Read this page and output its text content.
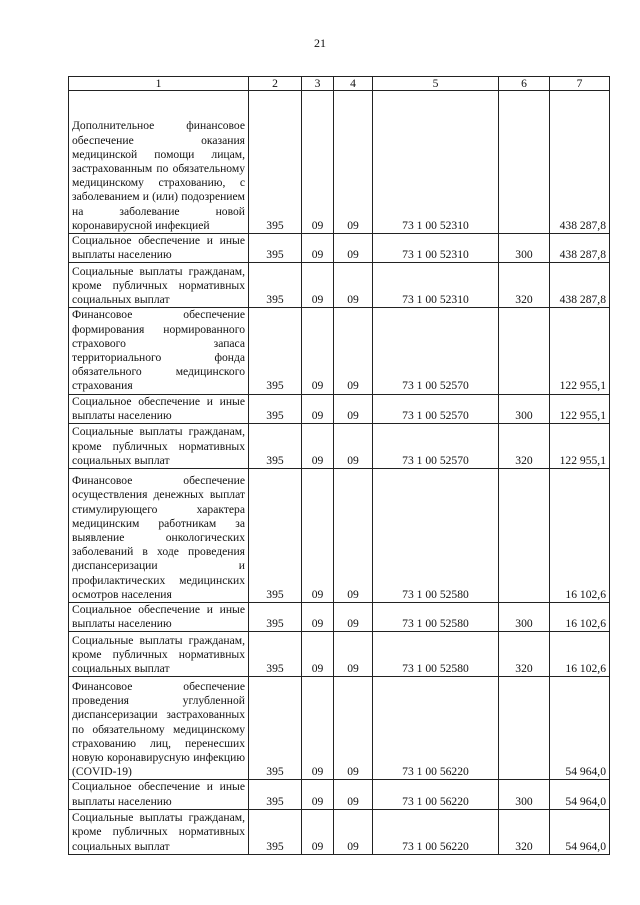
21
1	2	3	4	5	6	7
Дополнительное финансовое обеспечение оказания медицинской помощи лицам, застрахованным по обязательному медицинскому страхованию, с заболеванием и (или) подозрением на заболевание новой коронавирусной инфекцией	395	09	09	73 1 00 52310		438 287,8
Социальное обеспечение и иные выплаты населению	395	09	09	73 1 00 52310	300	438 287,8
Социальные выплаты гражданам, кроме публичных нормативных социальных выплат	395	09	09	73 1 00 52310	320	438 287,8
Финансовое обеспечение формирования нормированного страхового запаса территориального фонда обязательного медицинского страхования	395	09	09	73 1 00 52570		122 955,1
Социальное обеспечение и иные выплаты населению	395	09	09	73 1 00 52570	300	122 955,1
Социальные выплаты гражданам, кроме публичных нормативных социальных выплат	395	09	09	73 1 00 52570	320	122 955,1
Финансовое обеспечение осуществления денежных выплат стимулирующего характера медицинским работникам за выявление онкологических заболеваний в ходе проведения диспансеризации и профилактических медицинских осмотров населения	395	09	09	73 1 00 52580		16 102,6
Социальное обеспечение и иные выплаты населению	395	09	09	73 1 00 52580	300	16 102,6
Социальные выплаты гражданам, кроме публичных нормативных социальных выплат	395	09	09	73 1 00 52580	320	16 102,6
Финансовое обеспечение проведения углубленной диспансеризации застрахованных по обязательному медицинскому страхованию лиц, перенесших новую коронавирусную инфекцию (COVID-19)	395	09	09	73 1 00 56220		54 964,0
Социальное обеспечение и иные выплаты населению	395	09	09	73 1 00 56220	300	54 964,0
Социальные выплаты гражданам, кроме публичных нормативных социальных выплат	395	09	09	73 1 00 56220	320	54 964,0
